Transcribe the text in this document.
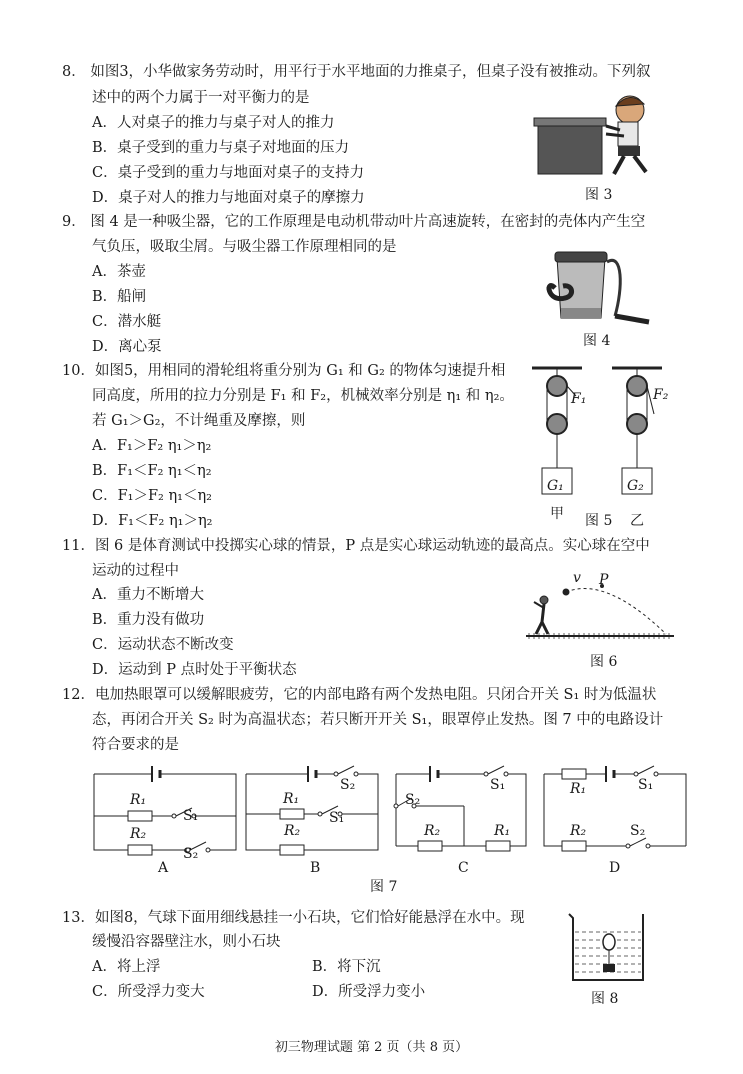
8． 如图3，小华做家务劳动时，用平行于水平地面的力推桌子，但桌子没有被推动。下列叙
述中的两个力属于一对平衡力的是
A．人对桌子的推力与桌子对人的推力
B．桌子受到的重力与桌子对地面的压力
C．桌子受到的重力与地面对桌子的支持力
D．桌子对人的推力与地面对桌子的摩擦力	图 3
9． 图 4 是一种吸尘器，它的工作原理是电动机带动叶片高速旋转，在密封的壳体内产生空
气负压，吸取尘屑。与吸尘器工作原理相同的是
A．茶壶
B．船闸
C．潜水艇
D．离心泵	图 4
10．如图5，用相同的滑轮组将重分别为 G₁ 和 G₂ 的物体匀速提升相
同高度，所用的拉力分别是 F₁ 和 F₂，机械效率分别是 η₁ 和 η₂。
若 G₁＞G₂，不计绳重及摩擦，则
A．F₁＞F₂ η₁＞η₂
B．F₁＜F₂ η₁＜η₂
C．F₁＞F₂ η₁＜η₂
D．F₁＜F₂ η₁＞η₂
F₁	F₂
G₁	G₂
甲	乙
图 5
11．图 6 是体育测试中投掷实心球的情景，P 点是实心球运动轨迹的最高点。实心球在空中
运动的过程中
A．重力不断增大
B．重力没有做功
C．运动状态不断改变
D．运动到 P 点时处于平衡状态
v P
图 6
12．电加热眼罩可以缓解眼疲劳，它的内部电路有两个发热电阻。只闭合开关 S₁ 时为低温状
态，再闭合开关 S₂ 时为高温状态；若只断开开关 S₁，眼罩停止发热。图 7 中的电路设计
符合要求的是
R₁
S₁
R₂
S₂
A
S₂
R₁
S₁
R₂
B
S₁
S₂
R₂	R₁
C
R₁	S₁
R₂	S₂
D
图 7
13．如图8，气球下面用细线悬挂一小石块，它们恰好能悬浮在水中。现
缓慢沿容器壁注水，则小石块
A．将上浮	B．将下沉
C．所受浮力变大	D．所受浮力变小	图 8
初三物理试题 第 2 页（共 8 页）
